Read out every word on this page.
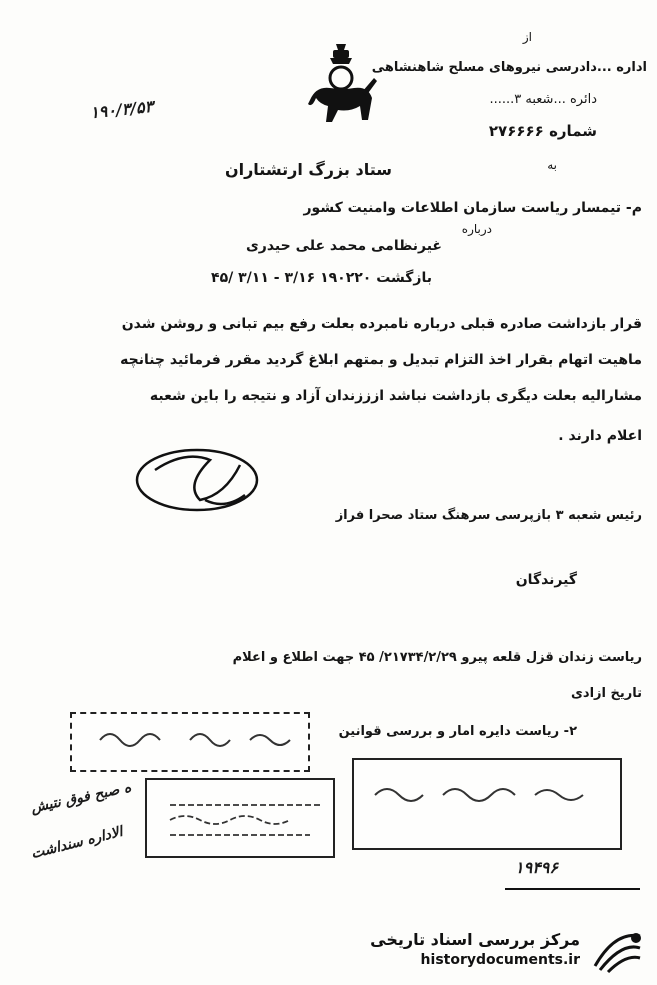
از
اداره ...دادرسی نیروهای مسلح شاهنشاهی
دائره ...شعبه ۳......
شماره ۲۷۶۶۶۶
به
۱۹۰/۳/۵۳
ستاد بزرگ ارتشتاران
م- تیمسار ریاست سازمان اطلاعات وامنیت کشور
درباره
غیرنظامی محمد علی حیدری
بازگشت ۱۹۰۲۲۰ ۳/۱۶ - ۳/۱۱ /۴۵
قرار بازداشت صادره قبلی درباره نامبرده بعلت رفع بیم تبانی و روشن شدن
ماهیت اتهام بقرار اخذ التزام تبدیل و بمتهم ابلاغ گردید مقرر فرمائید چنانچه
مشارالیه بعلت دیگری بازداشت نباشد ازززندان آزاد و نتیجه را باین شعبه
اعلام دارند .
رئیس شعبه ۳ بازپرسی سرهنگ ستاد صحرا فراز
گیرندگان
ریاست زندان قزل قلعه پیرو ۲۱۷۳۴/۲/۲۹/ ۴۵ جهت اطلاع و اعلام
تاریخ ازادی
۲- ریاست دایره امار و بررسی قوانین
ه صبح فوق نتیش
الاداره سنداشت
۱۹۴۹۶
مرکز بررسی اسناد تاریخی
historydocuments.ir
